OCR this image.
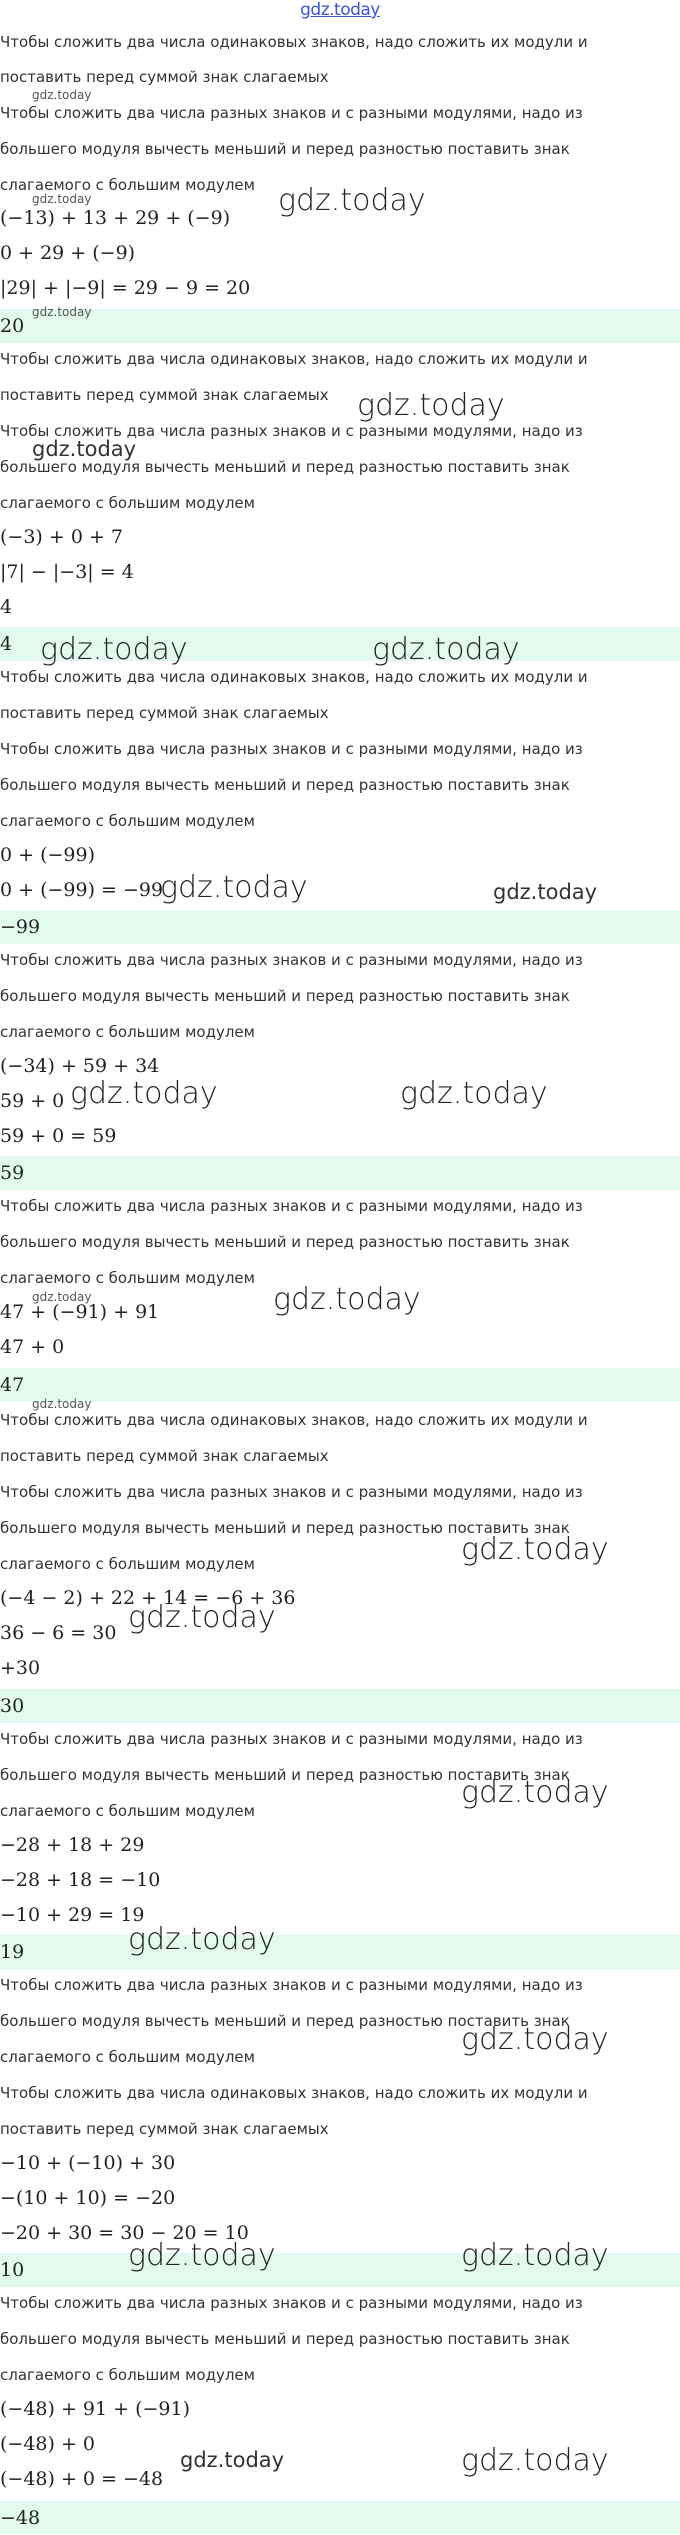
gdz.today
Чтобы сложить два числа одинаковых знаков, надо сложить их модули и
поставить перед суммой знак слагаемых
Чтобы сложить два числа разных знаков и с разными модулями, надо из
большего модуля вычесть меньший и перед разностью поставить знак
слагаемого с большим модулем
(−13) + 13 + 29 + (−9)
0 + 29 + (−9)
|29| + |−9| = 29 − 9 = 20
20
Чтобы сложить два числа одинаковых знаков, надо сложить их модули и
поставить перед суммой знак слагаемых
Чтобы сложить два числа разных знаков и с разными модулями, надо из
большего модуля вычесть меньший и перед разностью поставить знак
слагаемого с большим модулем
(−3) + 0 + 7
|7| − |−3| = 4
4
4
Чтобы сложить два числа одинаковых знаков, надо сложить их модули и
поставить перед суммой знак слагаемых
Чтобы сложить два числа разных знаков и с разными модулями, надо из
большего модуля вычесть меньший и перед разностью поставить знак
слагаемого с большим модулем
0 + (−99)
0 + (−99) = −99
−99
Чтобы сложить два числа разных знаков и с разными модулями, надо из
большего модуля вычесть меньший и перед разностью поставить знак
слагаемого с большим модулем
(−34) + 59 + 34
59 + 0
59 + 0 = 59
59
Чтобы сложить два числа разных знаков и с разными модулями, надо из
большего модуля вычесть меньший и перед разностью поставить знак
слагаемого с большим модулем
47 + (−91) + 91
47 + 0
47
Чтобы сложить два числа одинаковых знаков, надо сложить их модули и
поставить перед суммой знак слагаемых
Чтобы сложить два числа разных знаков и с разными модулями, надо из
большего модуля вычесть меньший и перед разностью поставить знак
слагаемого с большим модулем
(−4 − 2) + 22 + 14 = −6 + 36
36 − 6 = 30
+30
30
Чтобы сложить два числа разных знаков и с разными модулями, надо из
большего модуля вычесть меньший и перед разностью поставить знак
слагаемого с большим модулем
−28 + 18 + 29
−28 + 18 = −10
−10 + 29 = 19
19
Чтобы сложить два числа разных знаков и с разными модулями, надо из
большего модуля вычесть меньший и перед разностью поставить знак
слагаемого с большим модулем
Чтобы сложить два числа одинаковых знаков, надо сложить их модули и
поставить перед суммой знак слагаемых
−10 + (−10) + 30
−(10 + 10) = −20
−20 + 30 = 30 − 20 = 10
10
Чтобы сложить два числа разных знаков и с разными модулями, надо из
большего модуля вычесть меньший и перед разностью поставить знак
слагаемого с большим модулем
(−48) + 91 + (−91)
(−48) + 0
(−48) + 0 = −48
−48
gdz.today
gdz.today	gdz.today
gdz.today
gdz.today
gdz.today
gdz.today	gdz.today
gdz.today	gdz.today
gdz.today	gdz.today
gdz.today	gdz.today
gdz.today
gdz.today
gdz.today
gdz.today
gdz.today
gdz.today
gdz.today	gdz.today
gdz.today	gdz.today
